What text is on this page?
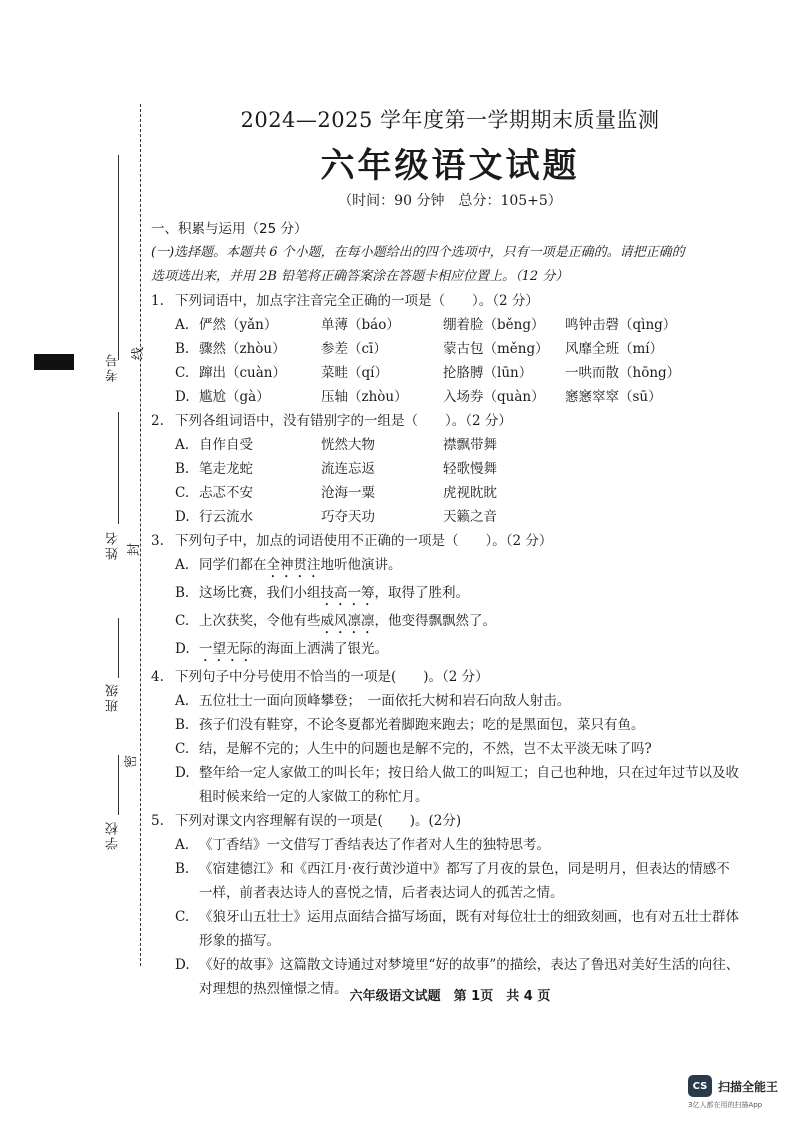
考号 线
姓名 封
班级
密
学校
2024—2025 学年度第一学期期末质量监测
六年级语文试题
（时间：90 分钟　总分：105+5）
一、积累与运用（25 分）
(一)选择题。本题共 6 个小题，在每小题给出的四个选项中，只有一项是正确的。请把正确的
选项选出来，并用 2B 铅笔将正确答案涂在答题卡相应位置上。（12 分）
1. 下列词语中，加点字注音完全正确的一项是（　　）。（2 分）
A. 俨然（yǎn）	单薄（báo）	绷着脸（běng）	鸣钟击磬（qìng）
B. 骤然（zhòu）	参差（cī）	蒙古包（měng）	风靡全班（mí）
C. 蹿出（cuàn）	菜畦（qí）	抡胳膊（lūn）	一哄而散（hōng）
D. 尴尬（gà）	压轴（zhòu）	入场券（quàn）	窸窸窣窣（sū）
2. 下列各组词语中，没有错别字的一组是（　　）。（2 分）
A. 自作自受	恍然大物	襟飘带舞
B. 笔走龙蛇	流连忘返	轻歌慢舞
C. 忐忑不安	沧海一粟	虎视眈眈
D. 行云流水	巧夺天功	天籁之音
3. 下列句子中，加点的词语使用不正确的一项是（　　）。（2 分）
A. 同学们都在全神贯注地听他演讲。
B. 这场比赛，我们小组技高一筹，取得了胜利。
C. 上次获奖，令他有些威风凛凛，他变得飘飘然了。
D. 一望无际的海面上洒满了银光。
4. 下列句子中分号使用不恰当的一项是(　　)。（2 分）
A. 五位壮士一面向顶峰攀登；　一面依托大树和岩石向敌人射击。
B. 孩子们没有鞋穿，不论冬夏都光着脚跑来跑去；吃的是黑面包，菜只有鱼。
C. 结，是解不完的；人生中的问题也是解不完的，不然，岂不太平淡无味了吗?
D. 整年给一定人家做工的叫长年；按日给人做工的叫短工；自己也种地，只在过年过节以及收租时候来给一定的人家做工的称忙月。
5. 下列对课文内容理解有误的一项是(　　)。(2分)
A. 《丁香结》一文借写丁香结表达了作者对人生的独特思考。
B. 《宿建德江》和《西江月·夜行黄沙道中》都写了月夜的景色，同是明月，但表达的情感不一样，前者表达诗人的喜悦之情，后者表达词人的孤苦之情。
C. 《狼牙山五壮士》运用点面结合描写场面，既有对每位壮士的细致刻画，也有对五壮士群体形象的描写。
D. 《好的故事》这篇散文诗通过对梦境里“好的故事”的描绘，表达了鲁迅对美好生活的向往、对理想的热烈憧憬之情。 六年级语文试题　第 1页　共 4 页
CS 扫描全能王
3亿人都在用的扫描App
